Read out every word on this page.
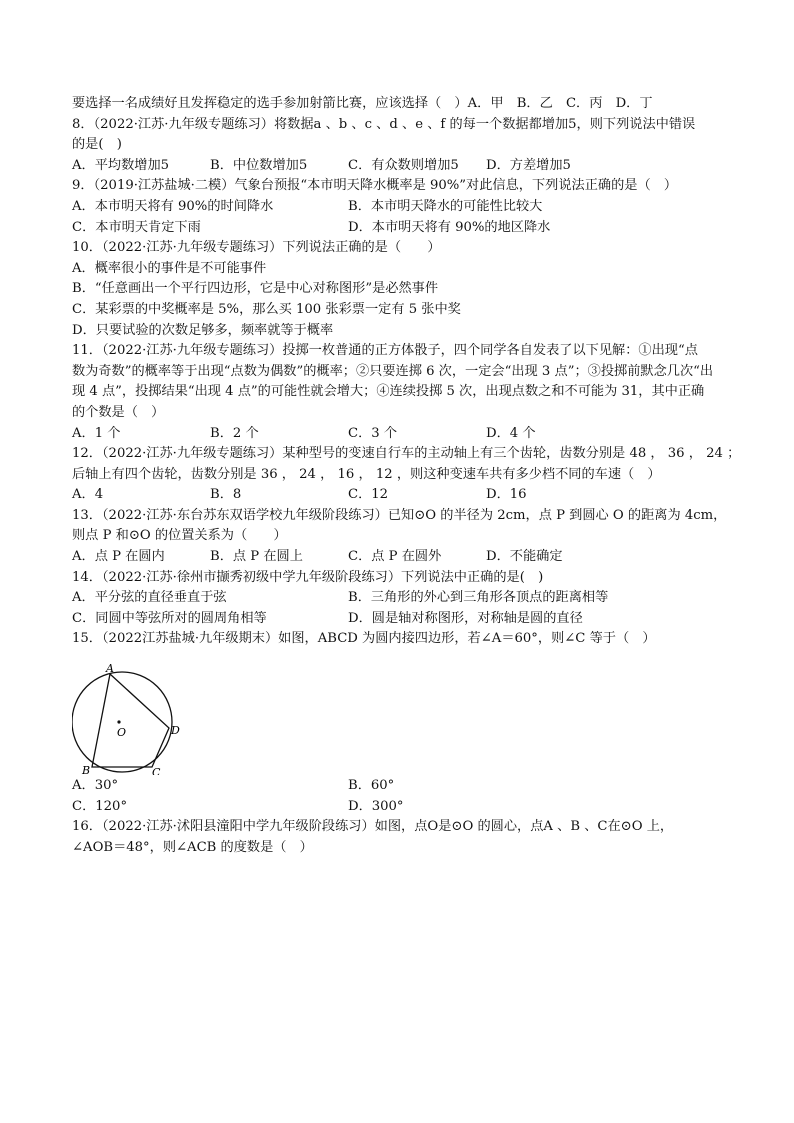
要选择一名成绩好且发挥稳定的选手参加射箭比赛，应该选择（　）A．甲　B．乙　C．丙　D．丁
8．（2022·江苏·九年级专题练习）将数据a 、b 、c 、d 、e 、f 的每一个数据都增加5，则下列说法中错误
的是(　)
A．平均数增加5	B．中位数增加5	C．有众数则增加5	D．方差增加5
9．（2019·江苏盐城·二模）气象台预报“本市明天降水概率是 90%”对此信息，下列说法正确的是（　）
A．本市明天将有 90%的时间降水	B．本市明天降水的可能性比较大
C．本市明天肯定下雨	D．本市明天将有 90%的地区降水
10．（2022·江苏·九年级专题练习）下列说法正确的是（　　）
A．概率很小的事件是不可能事件
B．“任意画出一个平行四边形，它是中心对称图形”是必然事件
C．某彩票的中奖概率是 5%，那么买 100 张彩票一定有 5 张中奖
D．只要试验的次数足够多，频率就等于概率
11．（2022·江苏·九年级专题练习）投掷一枚普通的正方体骰子，四个同学各自发表了以下见解：①出现“点
数为奇数”的概率等于出现“点数为偶数”的概率；②只要连掷 6 次，一定会“出现 3 点”；③投掷前默念几次“出
现 4 点”，投掷结果“出现 4 点”的可能性就会增大；④连续投掷 5 次，出现点数之和不可能为 31，其中正确
的个数是（　）
A．1 个	B．2 个	C．3 个	D．4 个
12．（2022·江苏·九年级专题练习）某种型号的变速自行车的主动轴上有三个齿轮，齿数分别是 48 ， 36 ， 24 ；
后轴上有四个齿轮，齿数分别是 36 ， 24 ， 16 ， 12 ，则这种变速车共有多少档不同的车速（　）
A．4	B．8	C．12	D．16
13．（2022·江苏·东台苏东双语学校九年级阶段练习）已知⊙O 的半径为 2cm，点 P 到圆心 O 的距离为 4cm，
则点 P 和⊙O 的位置关系为（　　）
A．点 P 在圆内	B．点 P 在圆上	C．点 P 在圆外	D．不能确定
14．（2022·江苏·徐州市撷秀初级中学九年级阶段练习）下列说法中正确的是(　)
A．平分弦的直径垂直于弦	B．三角形的外心到三角形各顶点的距离相等
C．同圆中等弦所对的圆周角相等	D．圆是轴对称图形，对称轴是圆的直径
15．（2022江苏盐城·九年级期末）如图，ABCD 为圆内接四边形，若∠A＝60°，则∠C 等于（　）
A．30°	B．60°
C．120°	D．300°
16．（2022·江苏·沭阳县潼阳中学九年级阶段练习）如图，点O是⊙O 的圆心，点A 、B 、C在⊙O 上，
∠AOB＝48°，则∠ACB 的度数是（　）
A
O	D
C
B
